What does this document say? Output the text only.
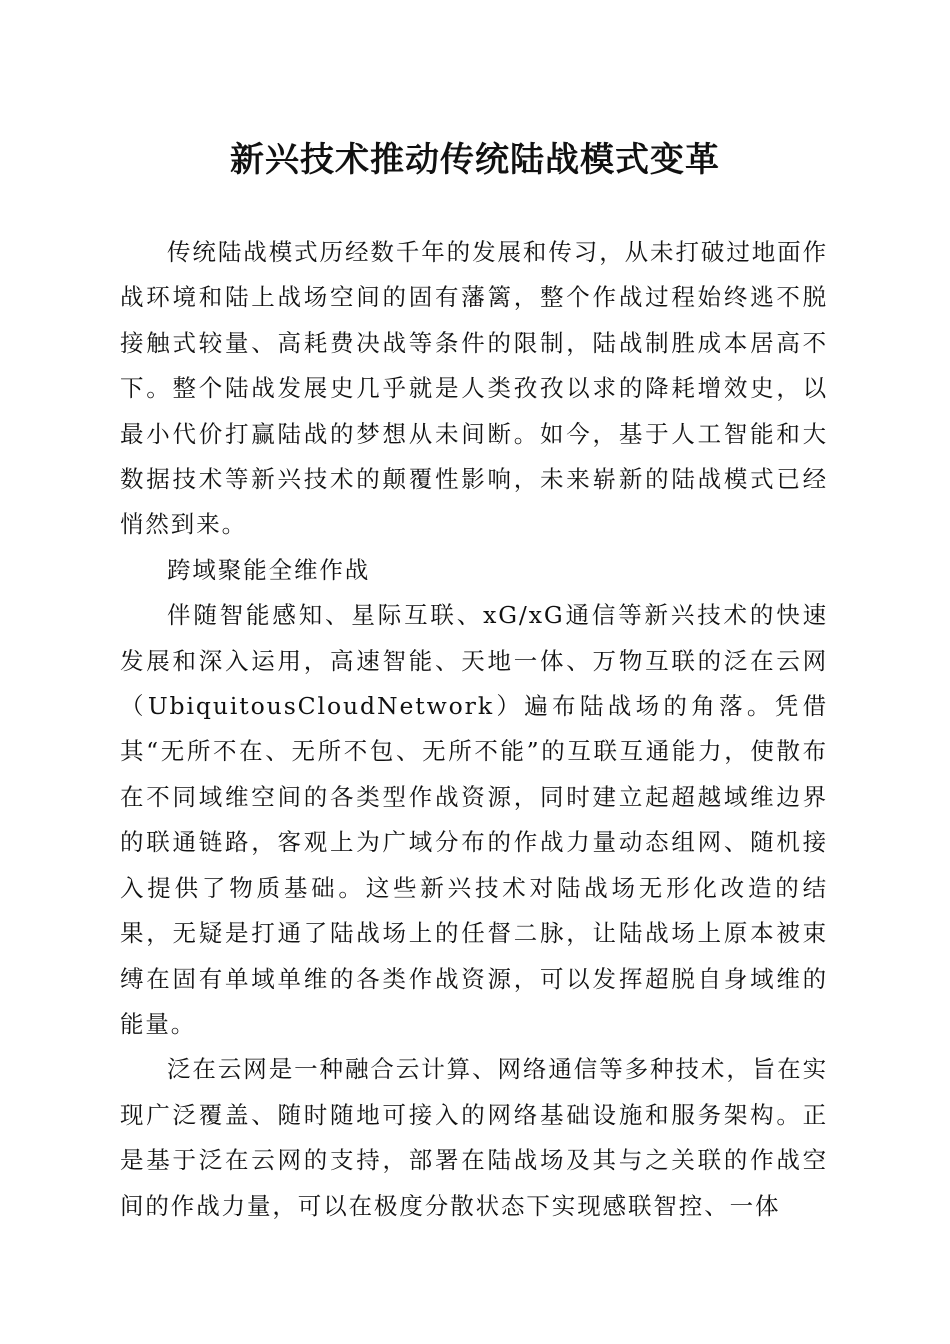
新兴技术推动传统陆战模式变革

传统陆战模式历经数千年的发展和传习，从未打破过地面作战环境和陆上战场空间的固有藩篱，整个作战过程始终逃不脱接触式较量、高耗费决战等条件的限制，陆战制胜成本居高不下。整个陆战发展史几乎就是人类孜孜以求的降耗增效史，以最小代价打赢陆战的梦想从未间断。如今，基于人工智能和大数据技术等新兴技术的颠覆性影响，未来崭新的陆战模式已经悄然到来。

跨域聚能全维作战

伴随智能感知、星际互联、xG/xG通信等新兴技术的快速发展和深入运用，高速智能、天地一体、万物互联的泛在云网（UbiquitousCloudNetwork）遍布陆战场的角落。凭借其“无所不在、无所不包、无所不能”的互联互通能力，使散布在不同域维空间的各类型作战资源，同时建立起超越域维边界的联通链路，客观上为广域分布的作战力量动态组网、随机接入提供了物质基础。这些新兴技术对陆战场无形化改造的结果，无疑是打通了陆战场上的任督二脉，让陆战场上原本被束缚在固有单域单维的各类作战资源，可以发挥超脱自身域维的能量。

泛在云网是一种融合云计算、网络通信等多种技术，旨在实现广泛覆盖、随时随地可接入的网络基础设施和服务架构。正是基于泛在云网的支持，部署在陆战场及其与之关联的作战空间的作战力量，可以在极度分散状态下实现感联智控、一体
